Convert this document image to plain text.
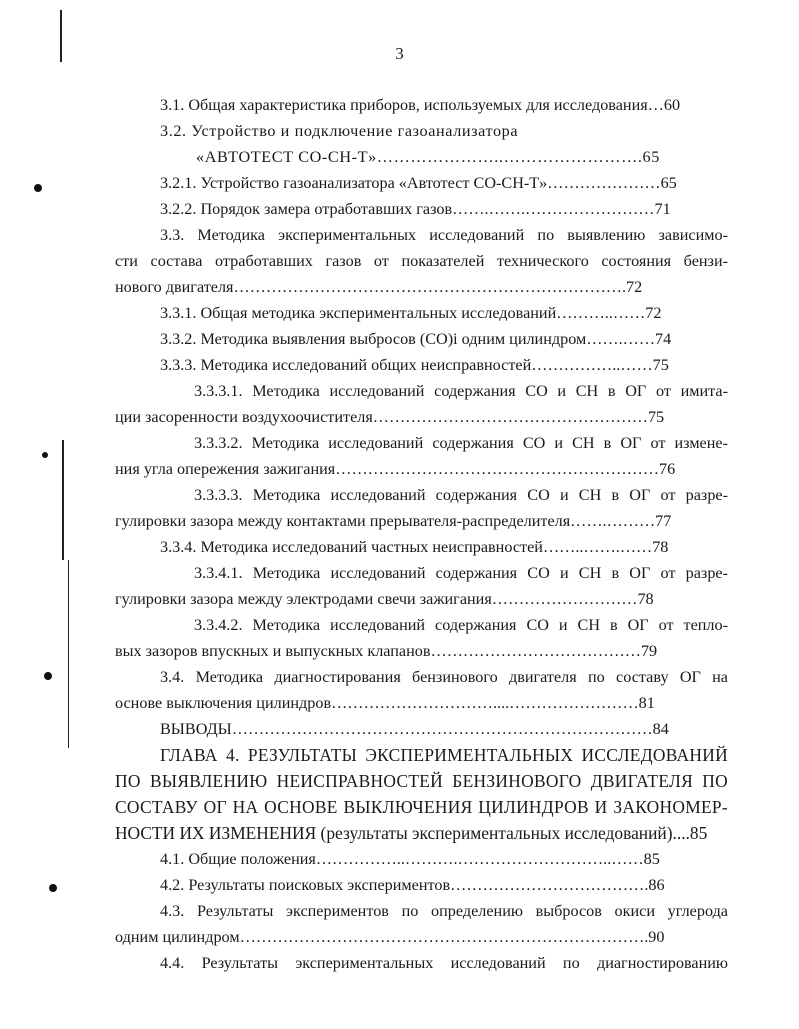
3
3.1. Общая характеристика приборов, используемых для исследования…60
3.2. Устройство и подключение газоанализатора
«АВТОТЕСТ CO-CH-T»…………………..…………………….65
3.2.1. Устройство газоанализатора «Автотест CO-CH-T»…………………65
3.2.2. Порядок замера отработавших газов…….…….……………………71
3.3. Методика экспериментальных исследований по выявлению зависимо-
сти состава отработавших газов от показателей технического состояния бензи-
нового двигателя……………………………………………………………….72
3.3.1. Общая методика экспериментальных исследований………..……72
3.3.2. Методика выявления выбросов (CO)i одним цилиндром…….……74
3.3.3. Методика исследований общих неисправностей……………..……75
3.3.3.1. Методика исследований содержания CO и CH в ОГ от имита-
ции засоренности воздухоочистителя……………………………………………75
3.3.3.2. Методика исследований содержания CO и CH в ОГ от измене-
ния угла опережения зажигания……………………………………………………76
3.3.3.3. Методика исследований содержания CO и CH в ОГ от разре-
гулировки зазора между контактами прерывателя-распределителя…….………77
3.3.4. Методика исследований частных неисправностей……..…….……78
3.3.4.1. Методика исследований содержания CO и CH в ОГ от разре-
гулировки зазора между электродами свечи зажигания………………………78
3.3.4.2. Методика исследований содержания CO и CH в ОГ от тепло-
вых зазоров впускных и выпускных клапанов…………………………………79
3.4. Методика диагностирования бензинового двигателя по составу ОГ на
основе выключения цилиндров…………………………....……………………81
ВЫВОДЫ……………………………………………………………………84
ГЛАВА 4. РЕЗУЛЬТАТЫ ЭКСПЕРИМЕНТАЛЬНЫХ ИССЛЕДОВАНИЙ
ПО ВЫЯВЛЕНИЮ НЕИСПРАВНОСТЕЙ БЕНЗИНОВОГО ДВИГАТЕЛЯ ПО
СОСТАВУ ОГ НА ОСНОВЕ ВЫКЛЮЧЕНИЯ ЦИЛИНДРОВ И ЗАКОНОМЕР-
НОСТИ ИХ ИЗМЕНЕНИЯ (результаты экспериментальных исследований)....85
4.1. Общие положения……………..……….………………………..……85
4.2. Результаты поисковых экспериментов……………………………….86
4.3. Результаты экспериментов по определению выбросов окиси углерода
одним цилиндром………………………………………………………………….90
4.4. Результаты экспериментальных исследований по диагностированию
